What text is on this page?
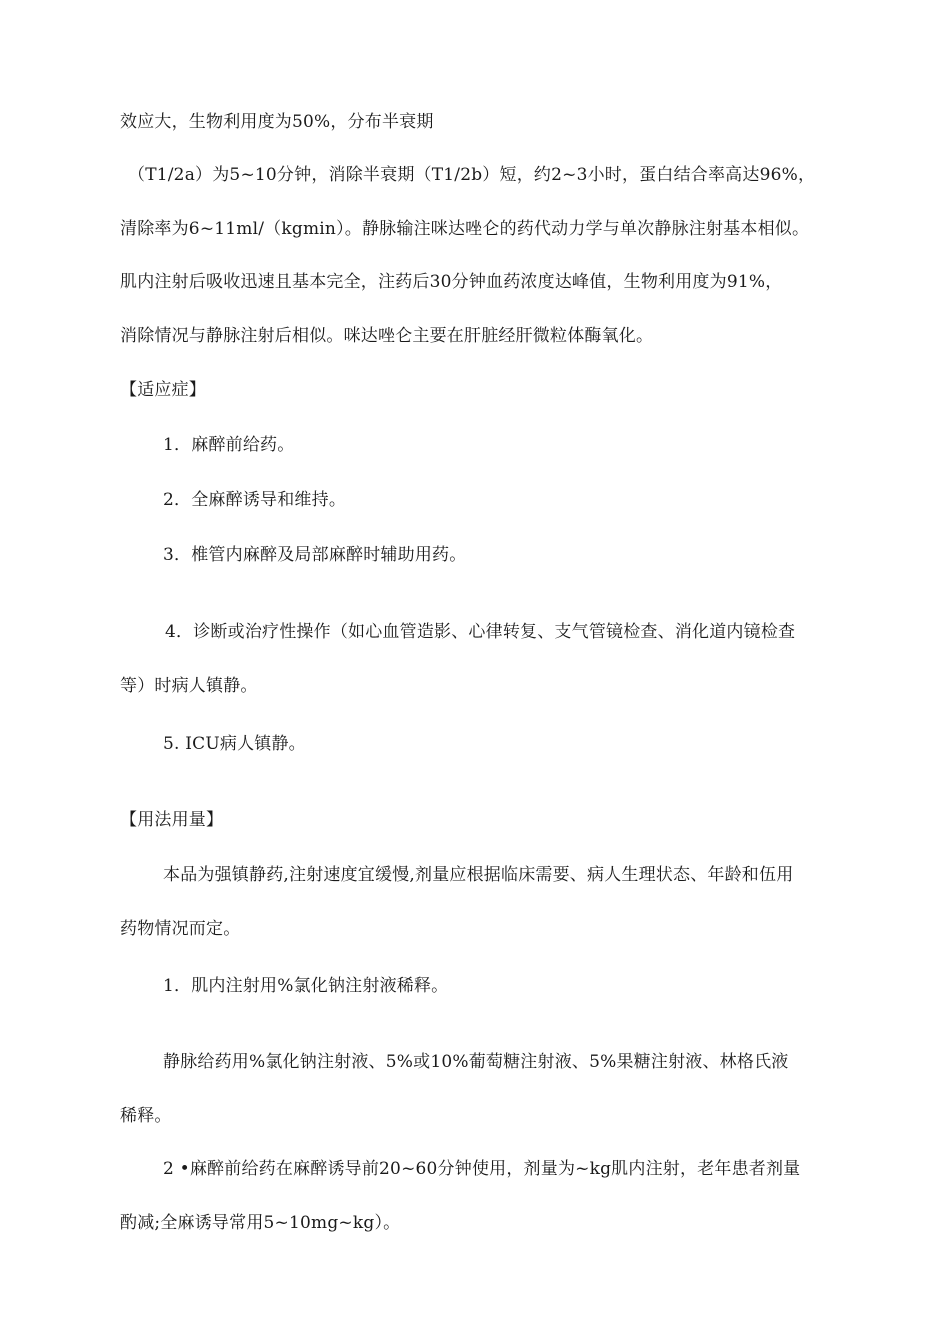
效应大，生物利用度为50%，分布半衰期
（T1/2a）为5~10分钟，消除半衰期（T1/2b）短，约2~3小时，蛋白结合率高达96%，
清除率为6~11ml/（kgmin）。静脉输注咪达唑仑的药代动力学与单次静脉注射基本相似。
肌内注射后吸收迅速且基本完全，注药后30分钟血药浓度达峰值，生物利用度为91%，
消除情况与静脉注射后相似。咪达唑仑主要在肝脏经肝微粒体酶氧化。
【适应症】
1．麻醉前给药。
2．全麻醉诱导和维持。
3．椎管内麻醉及局部麻醉时辅助用药。
4．诊断或治疗性操作（如心血管造影、心律转复、支气管镜检查、消化道内镜检查
等）时病人镇静。
5. ICU病人镇静。
【用法用量】
本品为强镇静药,注射速度宜缓慢,剂量应根据临床需要、病人生理状态、年龄和伍用
药物情况而定。
1．肌内注射用%氯化钠注射液稀释。
静脉给药用%氯化钠注射液、5%或10%葡萄糖注射液、5%果糖注射液、林格氏液
稀释。
2 •麻醉前给药在麻醉诱导前20~60分钟使用，剂量为~kg肌内注射，老年患者剂量
酌减;全麻诱导常用5~10mg~kg）。
